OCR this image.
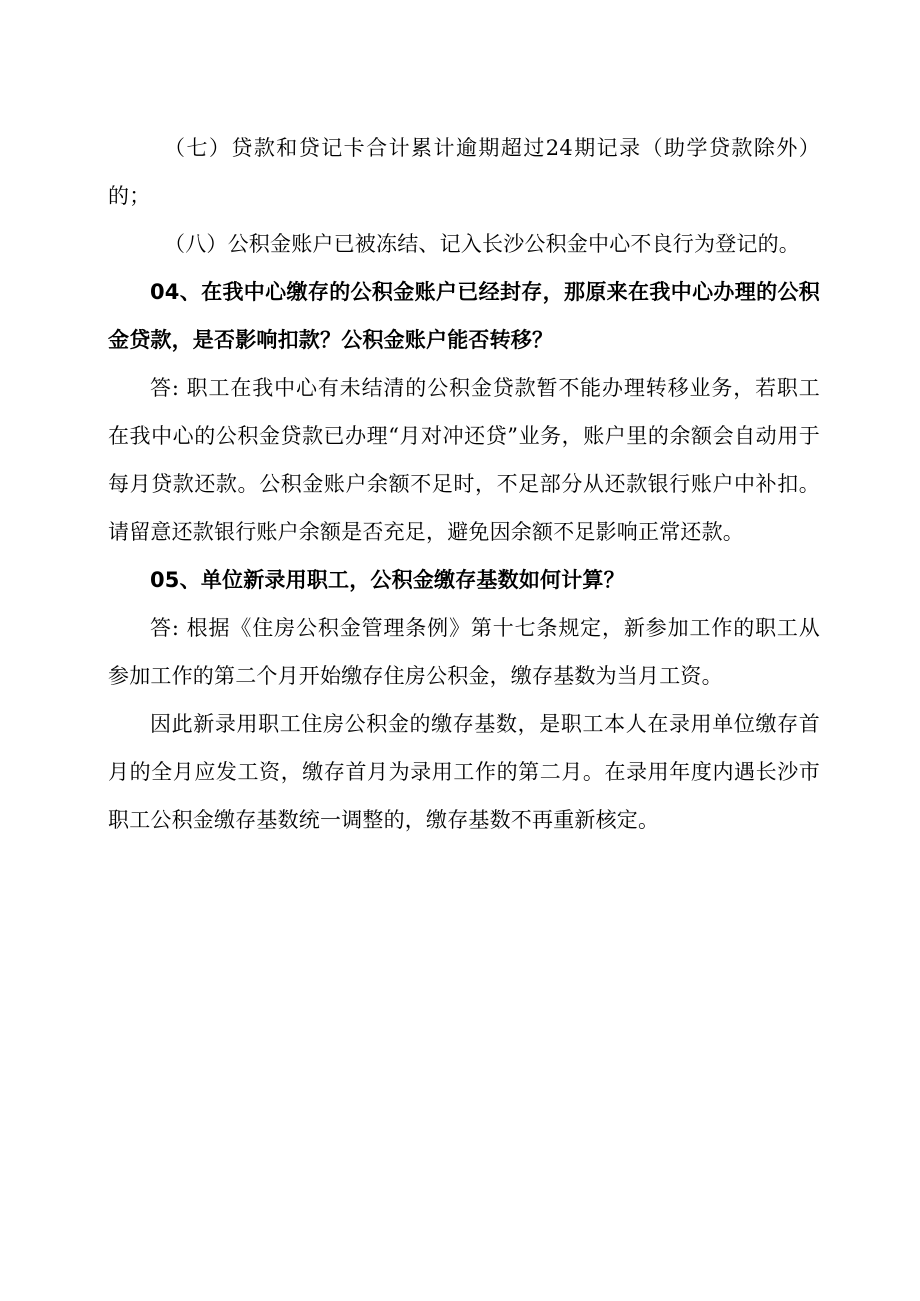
（七）贷款和贷记卡合计累计逾期超过24期记录（助学贷款除外）的；

（八）公积金账户已被冻结、记入长沙公积金中心不良行为登记的。

04、在我中心缴存的公积金账户已经封存，那原来在我中心办理的公积金贷款，是否影响扣款？公积金账户能否转移？

答: 职工在我中心有未结清的公积金贷款暂不能办理转移业务，若职工在我中心的公积金贷款已办理“月对冲还贷”业务，账户里的余额会自动用于每月贷款还款。公积金账户余额不足时，不足部分从还款银行账户中补扣。请留意还款银行账户余额是否充足，避免因余额不足影响正常还款。

05、单位新录用职工，公积金缴存基数如何计算？

答: 根据《住房公积金管理条例》第十七条规定，新参加工作的职工从参加工作的第二个月开始缴存住房公积金，缴存基数为当月工资。

因此新录用职工住房公积金的缴存基数，是职工本人在录用单位缴存首月的全月应发工资，缴存首月为录用工作的第二月。在录用年度内遇长沙市职工公积金缴存基数统一调整的，缴存基数不再重新核定。
